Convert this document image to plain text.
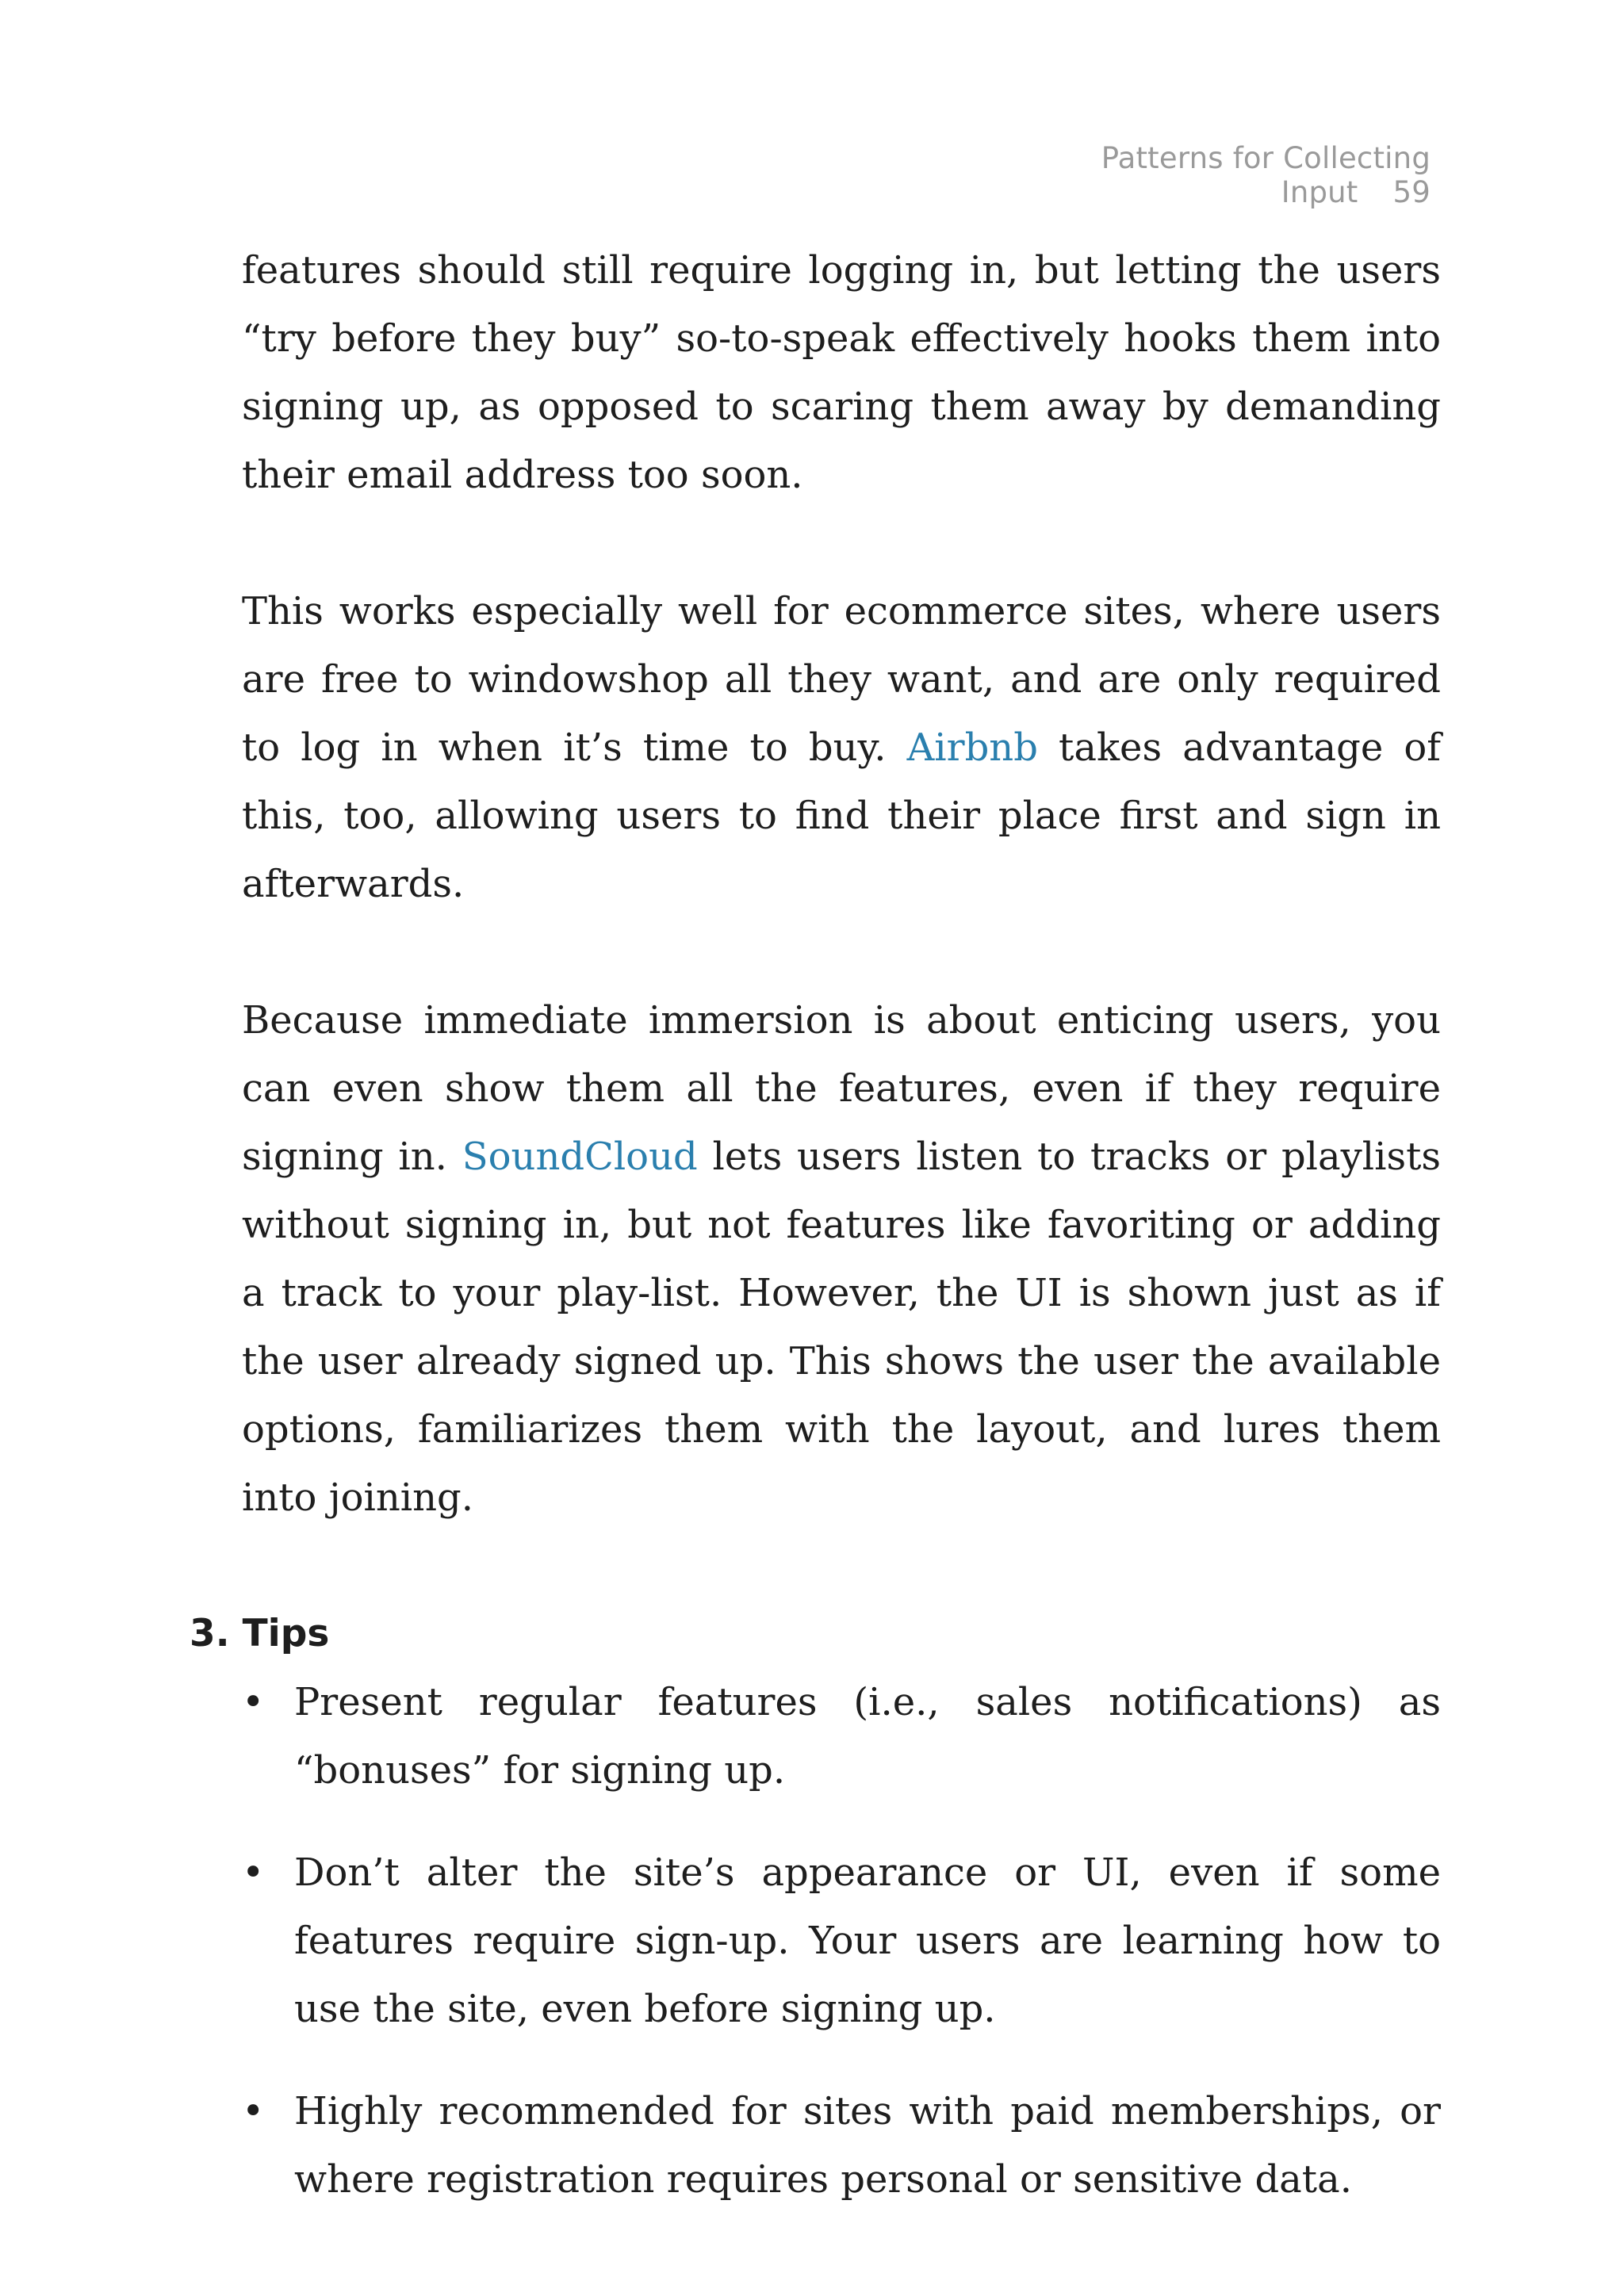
Patterns for Collecting Input 59

features should still require logging in, but letting the users “try before they buy” so-to-speak effectively hooks them into signing up, as opposed to scaring them away by demanding their email address too soon.

This works especially well for ecommerce sites, where users are free to windowshop all they want, and are only required to log in when it’s time to buy. Airbnb takes advantage of this, too, allowing users to find their place first and sign in afterwards.

Because immediate immersion is about enticing users, you can even show them all the features, even if they require signing in. SoundCloud lets users listen to tracks or playlists without signing in, but not features like favoriting or adding a track to your play-list. However, the UI is shown just as if the user already signed up. This shows the user the available options, familiarizes them with the layout, and lures them into joining.

3. Tips
• Present regular features (i.e., sales notifications) as “bonuses” for signing up.
• Don’t alter the site’s appearance or UI, even if some features require sign-up. Your users are learning how to use the site, even before signing up.
• Highly recommended for sites with paid memberships, or where registration requires personal or sensitive data.
